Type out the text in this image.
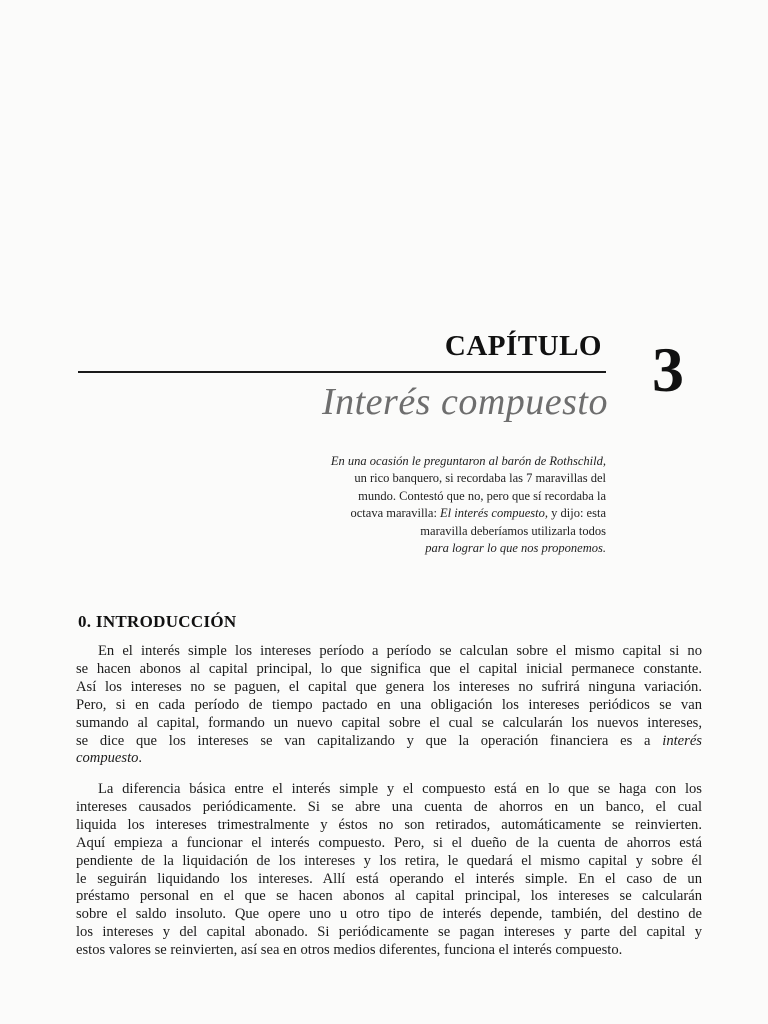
CAPÍTULO 3
Interés compuesto
En una ocasión le preguntaron al barón de Rothschild,
un rico banquero, si recordaba las 7 maravillas del
mundo. Contestó que no, pero que sí recordaba la
octava maravilla: El interés compuesto, y dijo: esta
maravilla deberíamos utilizarla todos
para lograr lo que nos proponemos.
0. INTRODUCCIÓN
En el interés simple los intereses período a período se calculan sobre el mismo capital si no
se hacen abonos al capital principal, lo que significa que el capital inicial permanece constante.
Así los intereses no se paguen, el capital que genera los intereses no sufrirá ninguna variación.
Pero, si en cada período de tiempo pactado en una obligación los intereses periódicos se van
sumando al capital, formando un nuevo capital sobre el cual se calcularán los nuevos intereses,
se dice que los intereses se van capitalizando y que la operación financiera es a interés
compuesto.
La diferencia básica entre el interés simple y el compuesto está en lo que se haga con los
intereses causados periódicamente. Si se abre una cuenta de ahorros en un banco, el cual
liquida los intereses trimestralmente y éstos no son retirados, automáticamente se reinvierten.
Aquí empieza a funcionar el interés compuesto. Pero, si el dueño de la cuenta de ahorros está
pendiente de la liquidación de los intereses y los retira, le quedará el mismo capital y sobre él
le seguirán liquidando los intereses. Allí está operando el interés simple. En el caso de un
préstamo personal en el que se hacen abonos al capital principal, los intereses se calcularán
sobre el saldo insoluto. Que opere uno u otro tipo de interés depende, también, del destino de
los intereses y del capital abonado. Si periódicamente se pagan intereses y parte del capital y
estos valores se reinvierten, así sea en otros medios diferentes, funciona el interés compuesto.
